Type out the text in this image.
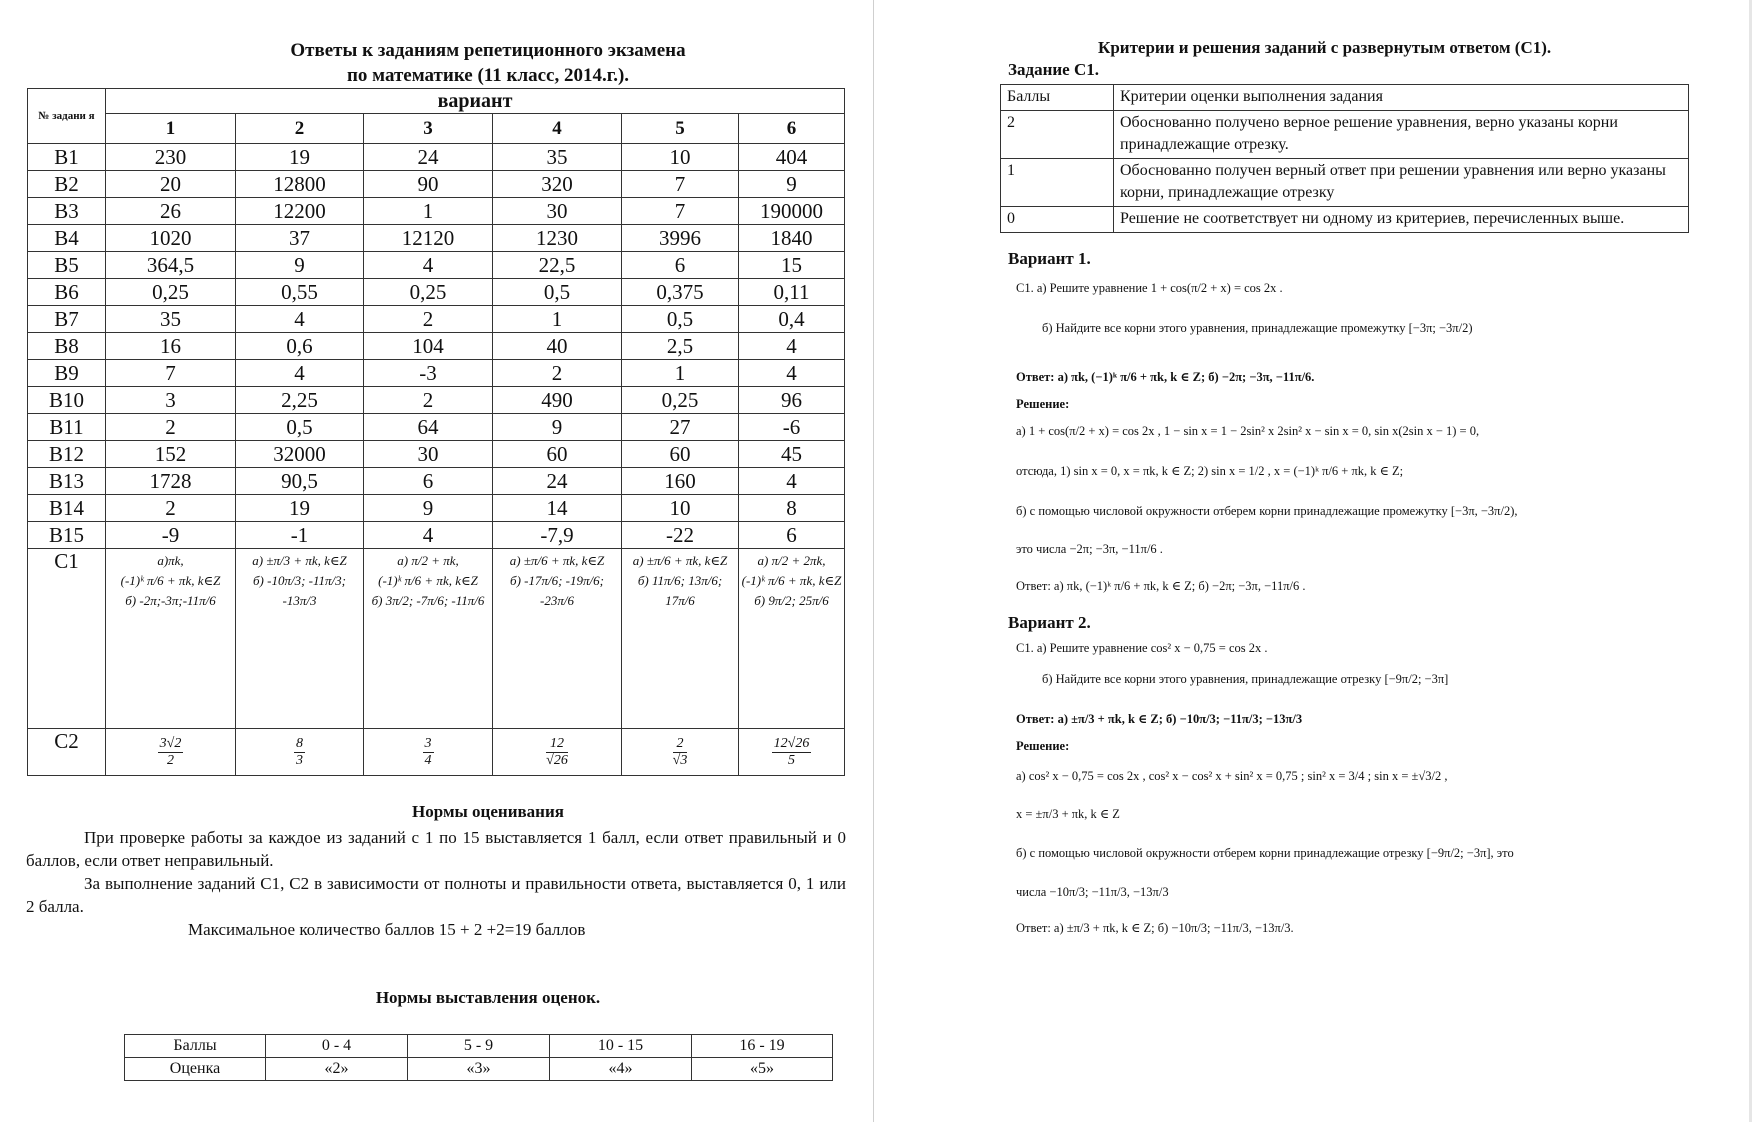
Ответы к заданиям репетиционного экзамена
по математике (11 класс, 2014.г.).
№ задани я	вариант					
	1	2	3	4	5	6
B1	230	19	24	35	10	404
B2	20	12800	90	320	7	9
B3	26	12200	1	30	7	190000
B4	1020	37	12120	1230	3996	1840
B5	364,5	9	4	22,5	6	15
B6	0,25	0,55	0,25	0,5	0,375	0,11
B7	35	4	2	1	0,5	0,4
B8	16	0,6	104	40	2,5	4
B9	7	4	-3	2	1	4
B10	3	2,25	2	490	0,25	96
B11	2	0,5	64	9	27	-6
B12	152	32000	30	60	60	45
B13	1728	90,5	6	24	160	4
B14	2	19	9	14	10	8
B15	-9	-1	4	-7,9	-22	6
C1	а)πk,
(-1)ᵏ π/6 + πk, k∈Z
б) -2π;-3π;-11π/6	а) ±π/3 + πk, k∈Z
б) -10π/3; -11π/3; -13π/3	а) π/2 + πk,
(-1)ᵏ π/6 + πk, k∈Z
б) 3π/2; -7π/6; -11π/6	а) ±π/6 + πk, k∈Z
б) -17π/6; -19π/6; -23π/6	а) ±π/6 + πk, k∈Z
б) 11π/6; 13π/6; 17π/6	а) π/2 + 2πk,
(-1)ᵏ π/6 + πk, k∈Z
б) 9π/2; 25π/6
C2	$\frac{3√2}{2}$	$\frac{8}{3}$	$\frac{3}{4}$	$\frac{12}{√26}$	$\frac{2}{√3}$	$\frac{12√26}{5}$
Нормы оценивания
При проверке работы за каждое из заданий с 1 по 15 выставляется 1 балл, если ответ правильный и 0 баллов, если ответ неправильный.
За выполнение заданий С1, С2 в зависимости от полноты и правильности ответа, выставляется 0, 1 или 2 балла.
Максимальное количество баллов 15 + 2 +2=19 баллов
Нормы выставления оценок.
Баллы	0 - 4	5 - 9	10 - 15	16 - 19
Оценка	«2»	«3»	«4»	«5»
Критерии и решения заданий с развернутым ответом (С1).
Задание С1.
Баллы	Критерии оценки выполнения задания
2	Обоснованно получено верное решение уравнения, верно указаны корни принадлежащие отрезку.
1	Обоснованно получен верный ответ при решении уравнения или верно указаны корни, принадлежащие отрезку
0	Решение не соответствует ни одному из критериев, перечисленных выше.
Вариант 1.
С1. а) Решите уравнение 1 + cos(π/2 + x) = cos 2x .
б) Найдите все корни этого уравнения, принадлежащие промежутку [−3π; −3π/2)
Ответ: а) πk, (−1)ᵏ π/6 + πk, k ∈ Z; б) −2π; −3π, −11π/6.
Решение:
а) 1 + cos(π/2 + x) = cos 2x , 1 − sin x = 1 − 2sin² x 2sin² x − sin x = 0, sin x(2sin x − 1) = 0,
отсюда, 1) sin x = 0, x = πk, k ∈ Z; 2) sin x = 1/2 , x = (−1)ᵏ π/6 + πk, k ∈ Z;
б) с помощью числовой окружности отберем корни принадлежащие промежутку [−3π, −3π/2),
это числа −2π; −3π, −11π/6 .
Ответ: а) πk, (−1)ᵏ π/6 + πk, k ∈ Z; б) −2π; −3π, −11π/6 .
Вариант 2.
С1. а) Решите уравнение cos² x − 0,75 = cos 2x .
б) Найдите все корни этого уравнения, принадлежащие отрезку [−9π/2; −3π]
Ответ: а) ±π/3 + πk, k ∈ Z; б) −10π/3; −11π/3; −13π/3
Решение:
а) cos² x − 0,75 = cos 2x , cos² x − cos² x + sin² x = 0,75 ; sin² x = 3/4 ; sin x = ±√3/2 ,
x = ±π/3 + πk, k ∈ Z
б) с помощью числовой окружности отберем корни принадлежащие отрезку [−9π/2; −3π], это
числа −10π/3; −11π/3, −13π/3
Ответ: а) ±π/3 + πk, k ∈ Z; б) −10π/3; −11π/3, −13π/3.
